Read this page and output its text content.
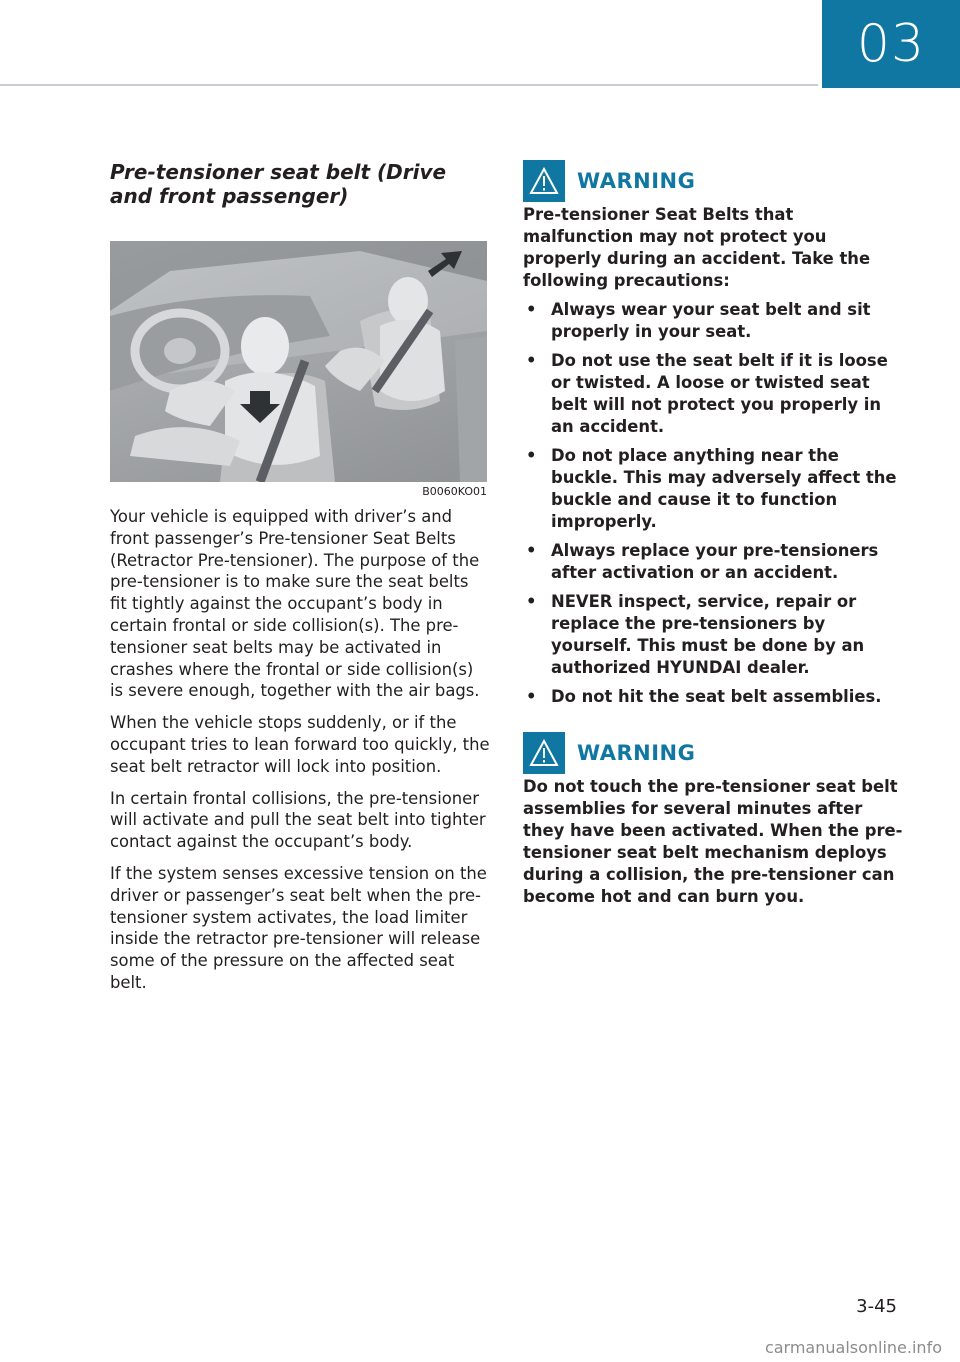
03
Pre-tensioner seat belt (Drive and front passenger)
B0060KO01

Your vehicle is equipped with driver’s and front passenger’s Pre-tensioner Seat Belts (Retractor Pre-tensioner). The purpose of the pre-tensioner is to make sure the seat belts fit tightly against the occupant’s body in certain frontal or side collision(s). The pre-tensioner seat belts may be activated in crashes where the frontal or side collision(s) is severe enough, together with the air bags.

When the vehicle stops suddenly, or if the occupant tries to lean forward too quickly, the seat belt retractor will lock into position.

In certain frontal collisions, the pre-tensioner will activate and pull the seat belt into tighter contact against the occupant’s body.

If the system senses excessive tension on the driver or passenger’s seat belt when the pre-tensioner system activates, the load limiter inside the retractor pre-tensioner will release some of the pressure on the affected seat belt.

WARNING

Pre-tensioner Seat Belts that malfunction may not protect you properly during an accident. Take the following precautions:

• Always wear your seat belt and sit properly in your seat.
• Do not use the seat belt if it is loose or twisted. A loose or twisted seat belt will not protect you properly in an accident.
• Do not place anything near the buckle. This may adversely affect the buckle and cause it to function improperly.
• Always replace your pre-tensioners after activation or an accident.
• NEVER inspect, service, repair or replace the pre-tensioners by yourself. This must be done by an authorized HYUNDAI dealer.
• Do not hit the seat belt assemblies.
WARNING

Do not touch the pre-tensioner seat belt assemblies for several minutes after they have been activated. When the pre-tensioner seat belt mechanism deploys during a collision, the pre-tensioner can become hot and can burn you.

3-45
carmanualsonline.info
